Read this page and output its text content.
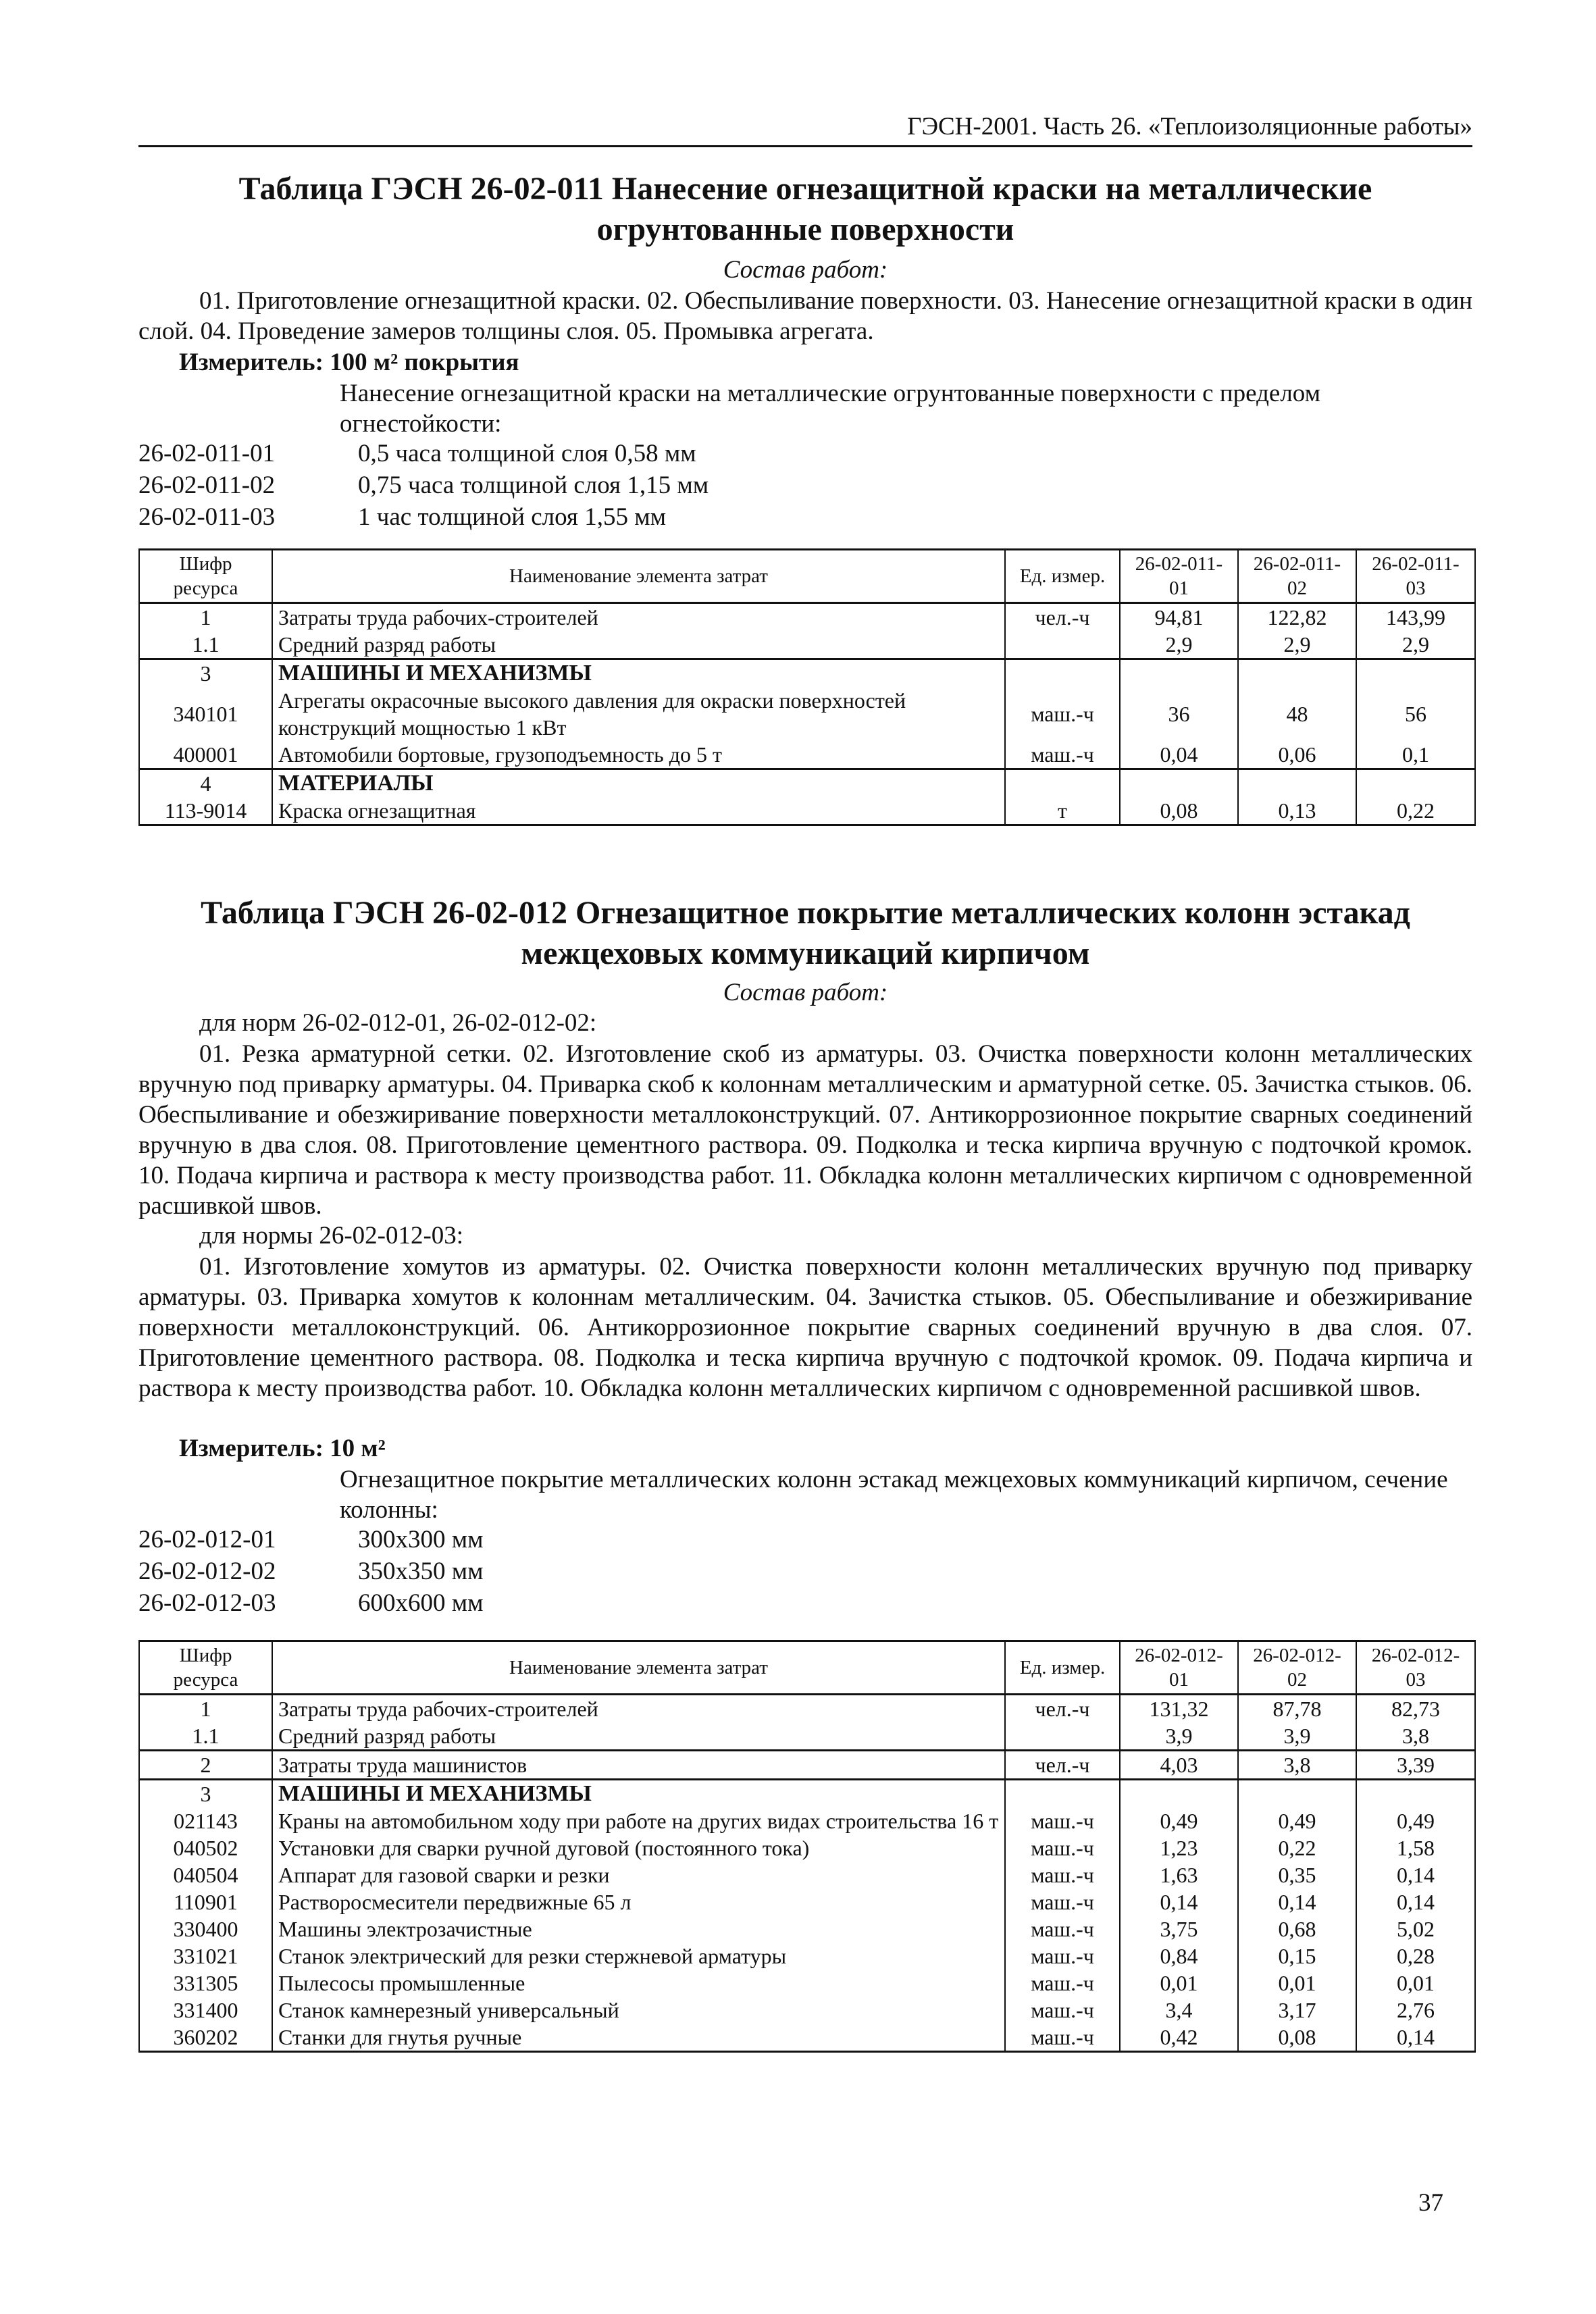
ГЭСН-2001. Часть 26. «Теплоизоляционные работы»
Таблица ГЭСН 26-02-011 Нанесение огнезащитной краски на металлические
огрунтованные поверхности
Состав работ:
01. Приготовление огнезащитной краски. 02. Обеспыливание поверхности. 03. Нанесение огнезащитной краски в один слой. 04. Проведение замеров толщины слоя. 05. Промывка агрегата.
Измеритель: 100 м² покрытия
Нанесение огнезащитной краски на металлические огрунтованные поверхности с пределом огнестойкости:
26-02-011-01	0,5 часа толщиной слоя 0,58 мм
26-02-011-02	0,75 часа толщиной слоя 1,15 мм
26-02-011-03	1 час толщиной слоя 1,55 мм
Шифр ресурса	Наименование элемента затрат	Ед. измер.	26-02-011-01	26-02-011-02	26-02-011-03
1	Затраты труда рабочих-строителей	чел.-ч	94,81	122,82	143,99
1.1	Средний разряд работы		2,9	2,9	2,9
3	МАШИНЫ И МЕХАНИЗМЫ				
340101	Агрегаты окрасочные высокого давления для окраски поверхностей конструкций мощностью 1 кВт	маш.-ч	36	48	56
400001	Автомобили бортовые, грузоподъемность до 5 т	маш.-ч	0,04	0,06	0,1
4	МАТЕРИАЛЫ				
113-9014	Краска огнезащитная	т	0,08	0,13	0,22
Таблица ГЭСН 26-02-012 Огнезащитное покрытие металлических колонн эстакад
межцеховых коммуникаций кирпичом
Состав работ:
для норм 26-02-012-01, 26-02-012-02:
01. Резка арматурной сетки. 02. Изготовление скоб из арматуры. 03. Очистка поверхности колонн металлических вручную под приварку арматуры. 04. Приварка скоб к колоннам металлическим и арматурной сетке. 05. Зачистка стыков. 06. Обеспыливание и обезжиривание поверхности металлоконструкций. 07. Антикоррозионное покрытие сварных соединений вручную в два слоя. 08. Приготовление цементного раствора. 09. Подколка и теска кирпича вручную с подточкой кромок. 10. Подача кирпича и раствора к месту производства работ. 11. Обкладка колонн металлических кирпичом с одновременной расшивкой швов.
для нормы 26-02-012-03:
01. Изготовление хомутов из арматуры. 02. Очистка поверхности колонн металлических вручную под приварку арматуры. 03. Приварка хомутов к колоннам металлическим. 04. Зачистка стыков. 05. Обеспыливание и обезжиривание поверхности металлоконструкций. 06. Антикоррозионное покрытие сварных соединений вручную в два слоя. 07. Приготовление цементного раствора. 08. Подколка и теска кирпича вручную с подточкой кромок. 09. Подача кирпича и раствора к месту производства работ. 10. Обкладка колонн металлических кирпичом с одновременной расшивкой швов.
Измеритель: 10 м²
Огнезащитное покрытие металлических колонн эстакад межцеховых коммуникаций кирпичом, сечение колонны:
26-02-012-01	300x300 мм
26-02-012-02	350x350 мм
26-02-012-03	600x600 мм
Шифр ресурса	Наименование элемента затрат	Ед. измер.	26-02-012-01	26-02-012-02	26-02-012-03
1	Затраты труда рабочих-строителей	чел.-ч	131,32	87,78	82,73
1.1	Средний разряд работы		3,9	3,9	3,8
2	Затраты труда машинистов	чел.-ч	4,03	3,8	3,39
3	МАШИНЫ И МЕХАНИЗМЫ				
021143	Краны на автомобильном ходу при работе на других видах строительства 16 т	маш.-ч	0,49	0,49	0,49
040502	Установки для сварки ручной дуговой (постоянного тока)	маш.-ч	1,23	0,22	1,58
040504	Аппарат для газовой сварки и резки	маш.-ч	1,63	0,35	0,14
110901	Растворосмесители передвижные 65 л	маш.-ч	0,14	0,14	0,14
330400	Машины электрозачистные	маш.-ч	3,75	0,68	5,02
331021	Станок электрический для резки стержневой арматуры	маш.-ч	0,84	0,15	0,28
331305	Пылесосы промышленные	маш.-ч	0,01	0,01	0,01
331400	Станок камнерезный универсальный	маш.-ч	3,4	3,17	2,76
360202	Станки для гнутья ручные	маш.-ч	0,42	0,08	0,14
37
